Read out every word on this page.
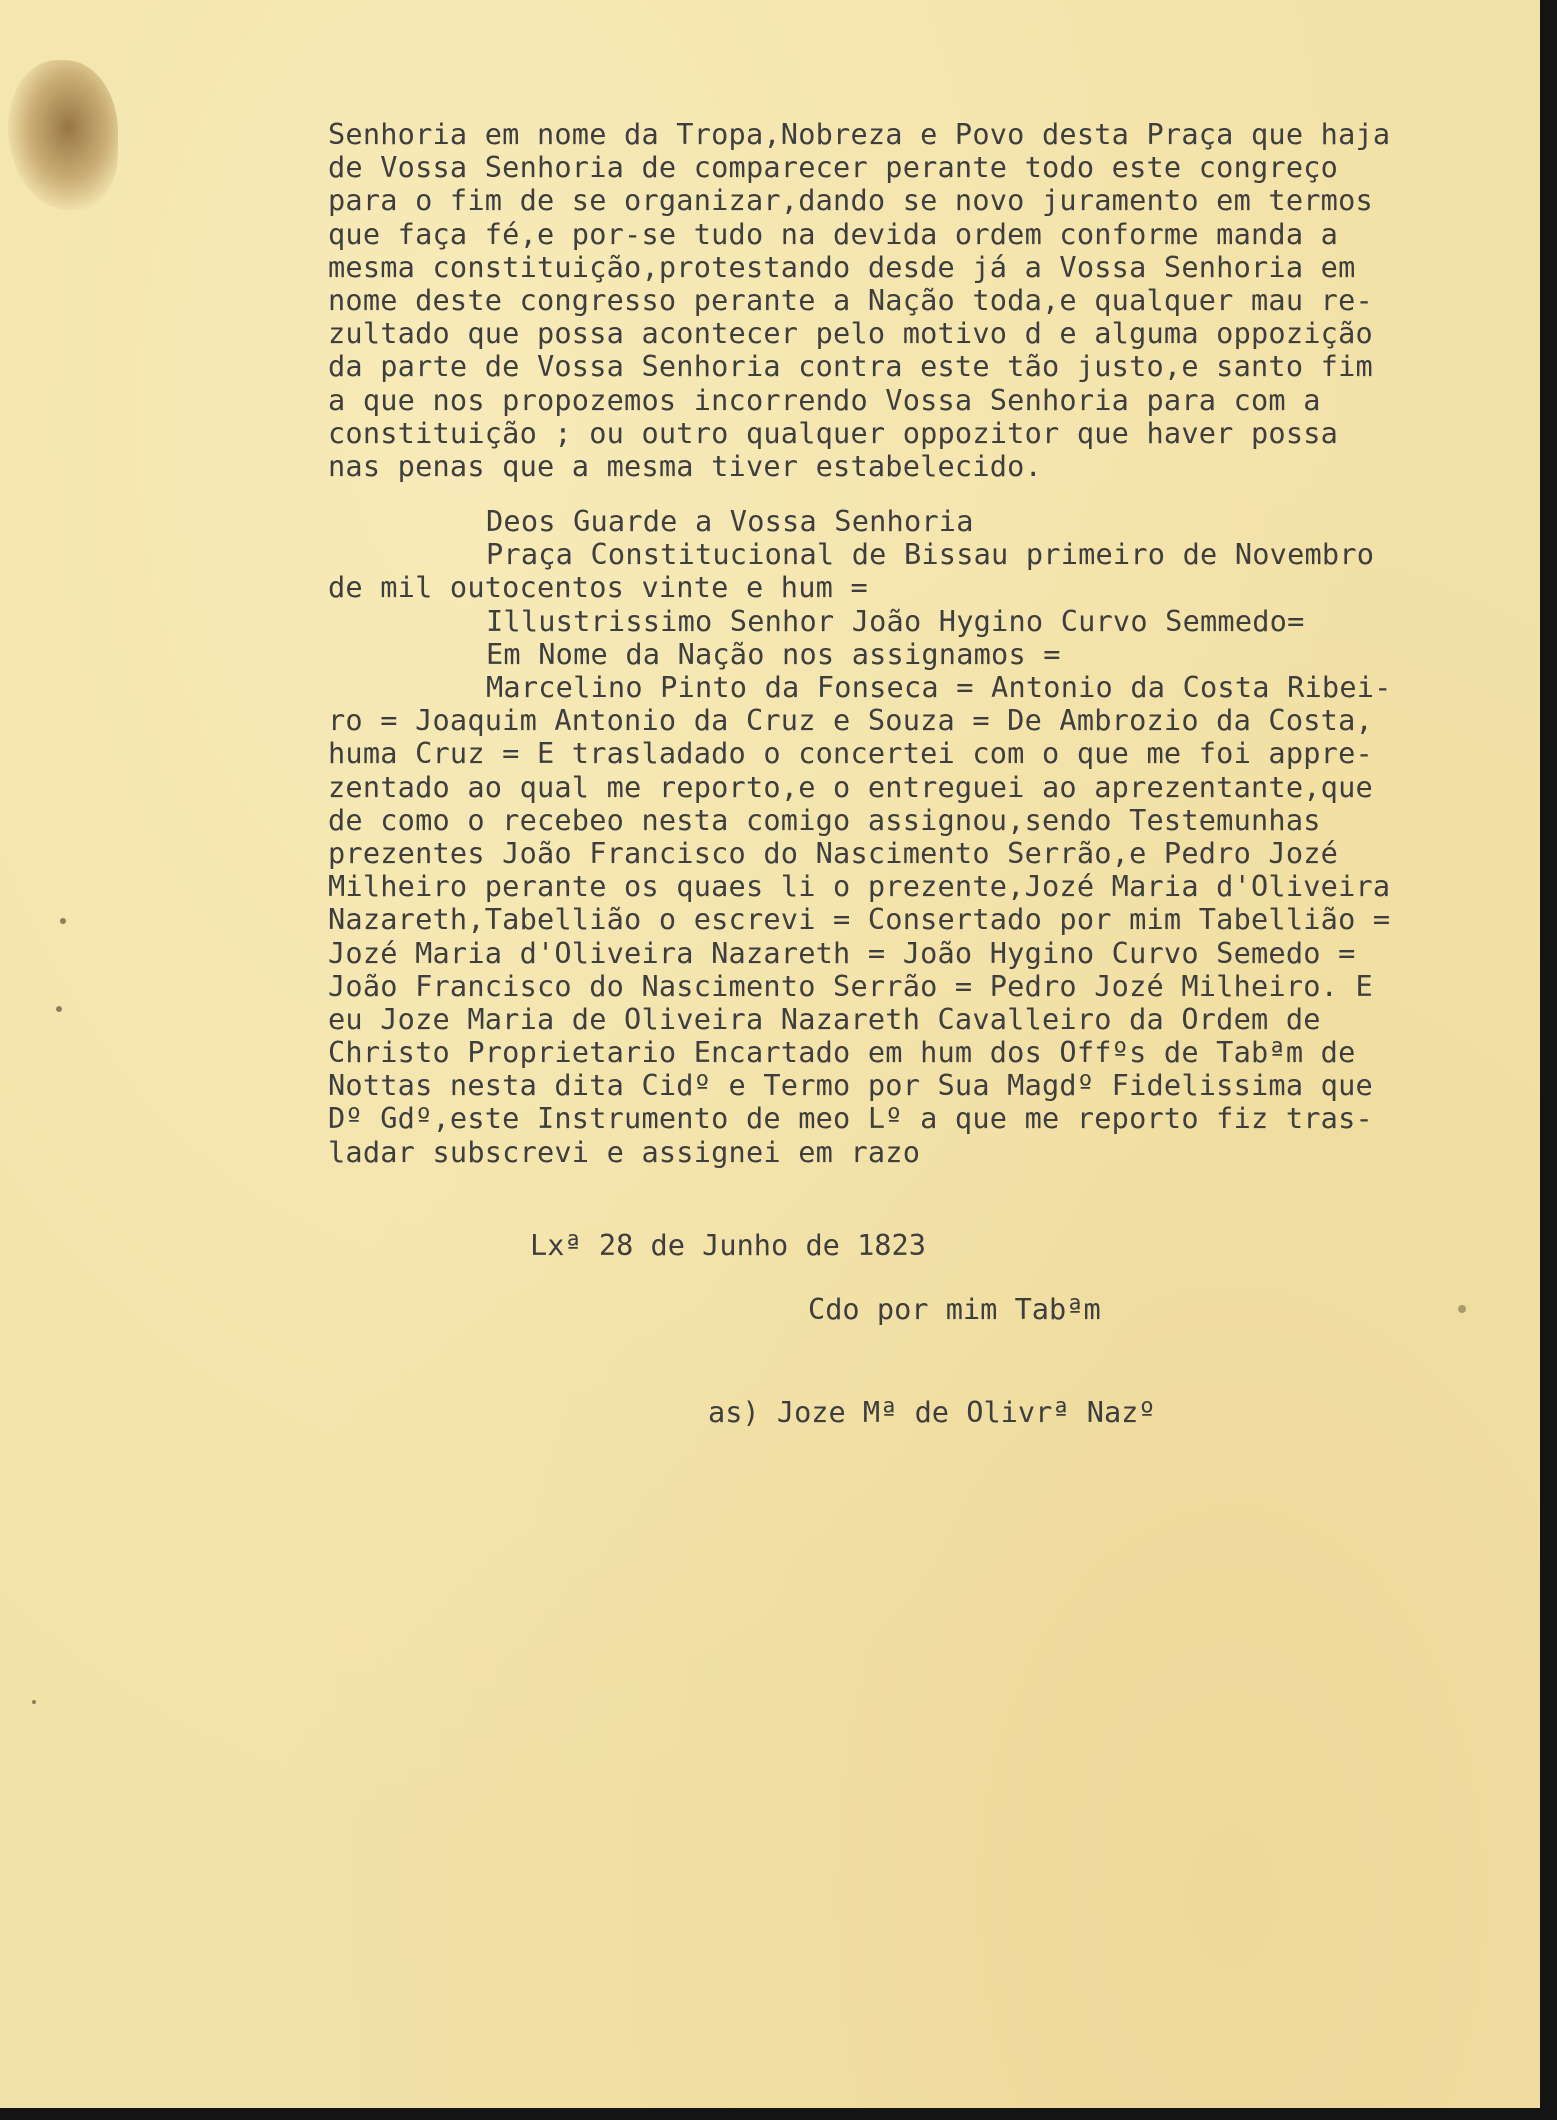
Senhoria em nome da Tropa,Nobreza e Povo desta Praça que haja
de Vossa Senhoria de comparecer perante todo este congreço
para o fim de se organizar,dando se novo juramento em termos
que faça fé,e por-se tudo na devida ordem conforme manda a
mesma constituição,protestando desde já a Vossa Senhoria em
nome deste congresso perante a Nação toda,e qualquer mau re-
zultado que possa acontecer pelo motivo d e alguma oppozição
da parte de Vossa Senhoria contra este tão justo,e santo fim
a que nos propozemos incorrendo Vossa Senhoria para com a
constituição ; ou outro qualquer oppozitor que haver possa
nas penas que a mesma tiver estabelecido.
Deos Guarde a Vossa Senhoria
Praça Constitucional de Bissau primeiro de Novembro
de mil outocentos vinte e hum =
Illustrissimo Senhor João Hygino Curvo Semmedo=
Em Nome da Nação nos assignamos =
Marcelino Pinto da Fonseca = Antonio da Costa Ribei-
ro = Joaquim Antonio da Cruz e Souza = De Ambrozio da Costa,
huma Cruz = E trasladado o concertei com o que me foi appre-
zentado ao qual me reporto,e o entreguei ao aprezentante,que
de como o recebeo nesta comigo assignou,sendo Testemunhas
prezentes João Francisco do Nascimento Serrão,e Pedro Jozé
Milheiro perante os quaes li o prezente,Jozé Maria d'Oliveira
Nazareth,Tabellião o escrevi = Consertado por mim Tabellião =
Jozé Maria d'Oliveira Nazareth = João Hygino Curvo Semedo =
João Francisco do Nascimento Serrão = Pedro Jozé Milheiro. E
eu Joze Maria de Oliveira Nazareth Cavalleiro da Ordem de
Christo Proprietario Encartado em hum dos Offºs de Tabªm de
Nottas nesta dita Cidº e Termo por Sua Magdº Fidelissima que
Dº Gdº,este Instrumento de meo Lº a que me reporto fiz tras-
ladar subscrevi e assignei em razo
Lxª 28 de Junho de 1823
Cdo por mim Tabªm
as) Joze Mª de Olivrª Nazº
